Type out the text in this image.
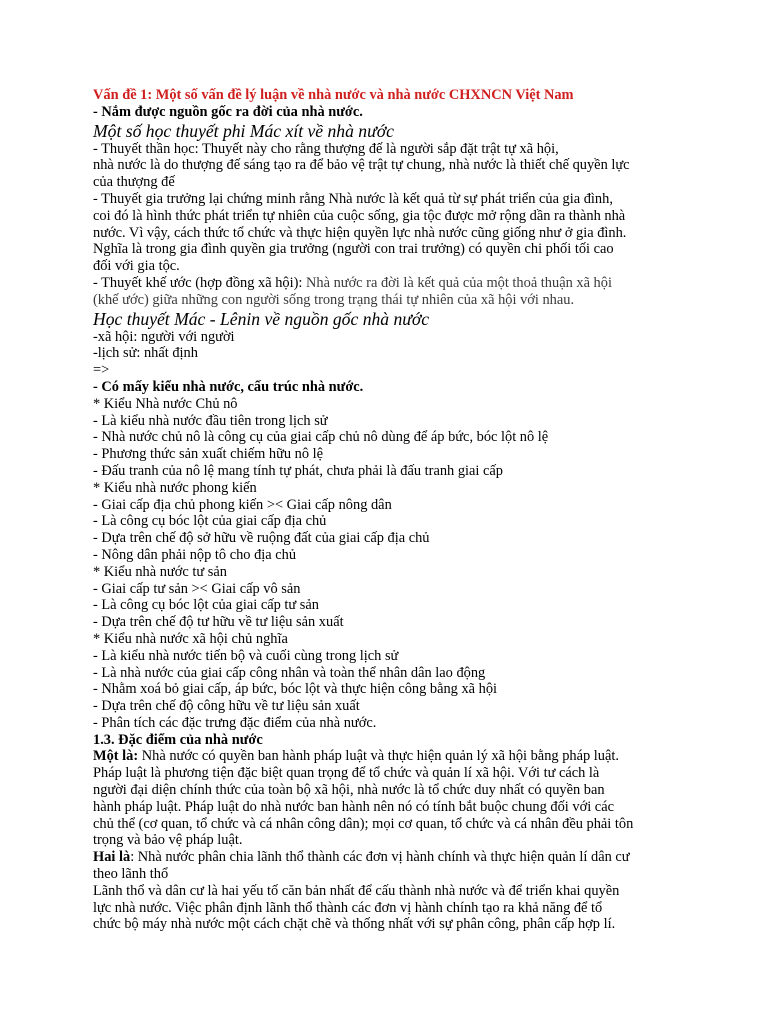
Vấn đề 1: Một số vấn đề lý luận về nhà nước và nhà nước CHXNCN Việt Nam

- Nắm được nguồn gốc ra đời của nhà nước.

Một số học thuyết phi Mác xít về nhà nước

- Thuyết thần học: Thuyết này cho rằng thượng đế là người sắp đặt trật tự xã hội,

nhà nước là do thượng đế sáng tạo ra để bảo vệ trật tự chung, nhà nước là thiết chế quyền lực

của thượng đế

- Thuyết gia trưởng lại chứng minh rằng Nhà nước là kết quả từ sự phát triển của gia đình,

coi đó là hình thức phát triển tự nhiên của cuộc sống, gia tộc được mở rộng dần ra thành nhà

nước. Vì vậy, cách thức tổ chức và thực hiện quyền lực nhà nước cũng giống như ở gia đình.

Nghĩa là trong gia đình quyền gia trưởng (người con trai trưởng) có quyền chi phối tối cao

đối với gia tộc.

- Thuyết khế ước (hợp đồng xã hội): Nhà nước ra đời là kết quả của một thoả thuận xã hội

(khế ước) giữa những con người sống trong trạng thái tự nhiên của xã hội với nhau.

Học thuyết Mác - Lênin về nguồn gốc nhà nước

-xã hội: người với người

-lịch sử: nhất định

=>

- Có mấy kiểu nhà nước, cấu trúc nhà nước.

* Kiểu Nhà nước Chủ nô

- Là kiểu nhà nước đầu tiên trong lịch sử

- Nhà nước chủ nô là công cụ của giai cấp chủ nô dùng để áp bức, bóc lột nô lệ

- Phương thức sản xuất chiếm hữu nô lệ

- Đấu tranh của nô lệ mang tính tự phát, chưa phải là đấu tranh giai cấp

* Kiểu nhà nước phong kiến

- Giai cấp địa chủ phong kiến >< Giai cấp nông dân

- Là công cụ bóc lột của giai cấp địa chủ

- Dựa trên chế độ sở hữu về ruộng đất của giai cấp địa chủ

- Nông dân phải nộp tô cho địa chủ

* Kiểu nhà nước tư sản

- Giai cấp tư sản >< Giai cấp vô sản

- Là công cụ bóc lột của giai cấp tư sản

- Dựa trên chế độ tư hữu về tư liệu sản xuất

* Kiểu nhà nước xã hội chủ nghĩa

- Là kiểu nhà nước tiến bộ và cuối cùng trong lịch sử

- Là nhà nước của giai cấp công nhân và toàn thể nhân dân lao động

- Nhằm xoá bỏ giai cấp, áp bức, bóc lột và thực hiện công bằng xã hội

- Dựa trên chế độ công hữu về tư liệu sản xuất

- Phân tích các đặc trưng đặc điểm của nhà nước.

1.3. Đặc điểm của nhà nước

Một là: Nhà nước có quyền ban hành pháp luật và thực hiện quản lý xã hội bằng pháp luật.

Pháp luật là phương tiện đặc biệt quan trọng để tổ chức và quản lí xã hội. Với tư cách là

người đại diện chính thức của toàn bộ xã hội, nhà nước là tổ chức duy nhất có quyền ban

hành pháp luật. Pháp luật do nhà nước ban hành nên nó có tính bắt buộc chung đối với các

chủ thể (cơ quan, tổ chức và cá nhân công dân); mọi cơ quan, tổ chức và cá nhân đều phải tôn

trọng và bảo vệ pháp luật.

Hai là: Nhà nước phân chia lãnh thổ thành các đơn vị hành chính và thực hiện quản lí dân cư

theo lãnh thổ

Lãnh thổ và dân cư là hai yếu tố căn bản nhất để cấu thành nhà nước và để triển khai quyền

lực nhà nước. Việc phân định lãnh thổ thành các đơn vị hành chính tạo ra khả năng để tổ

chức bộ máy nhà nước một cách chặt chẽ và thống nhất với sự phân công, phân cấp hợp lí.
